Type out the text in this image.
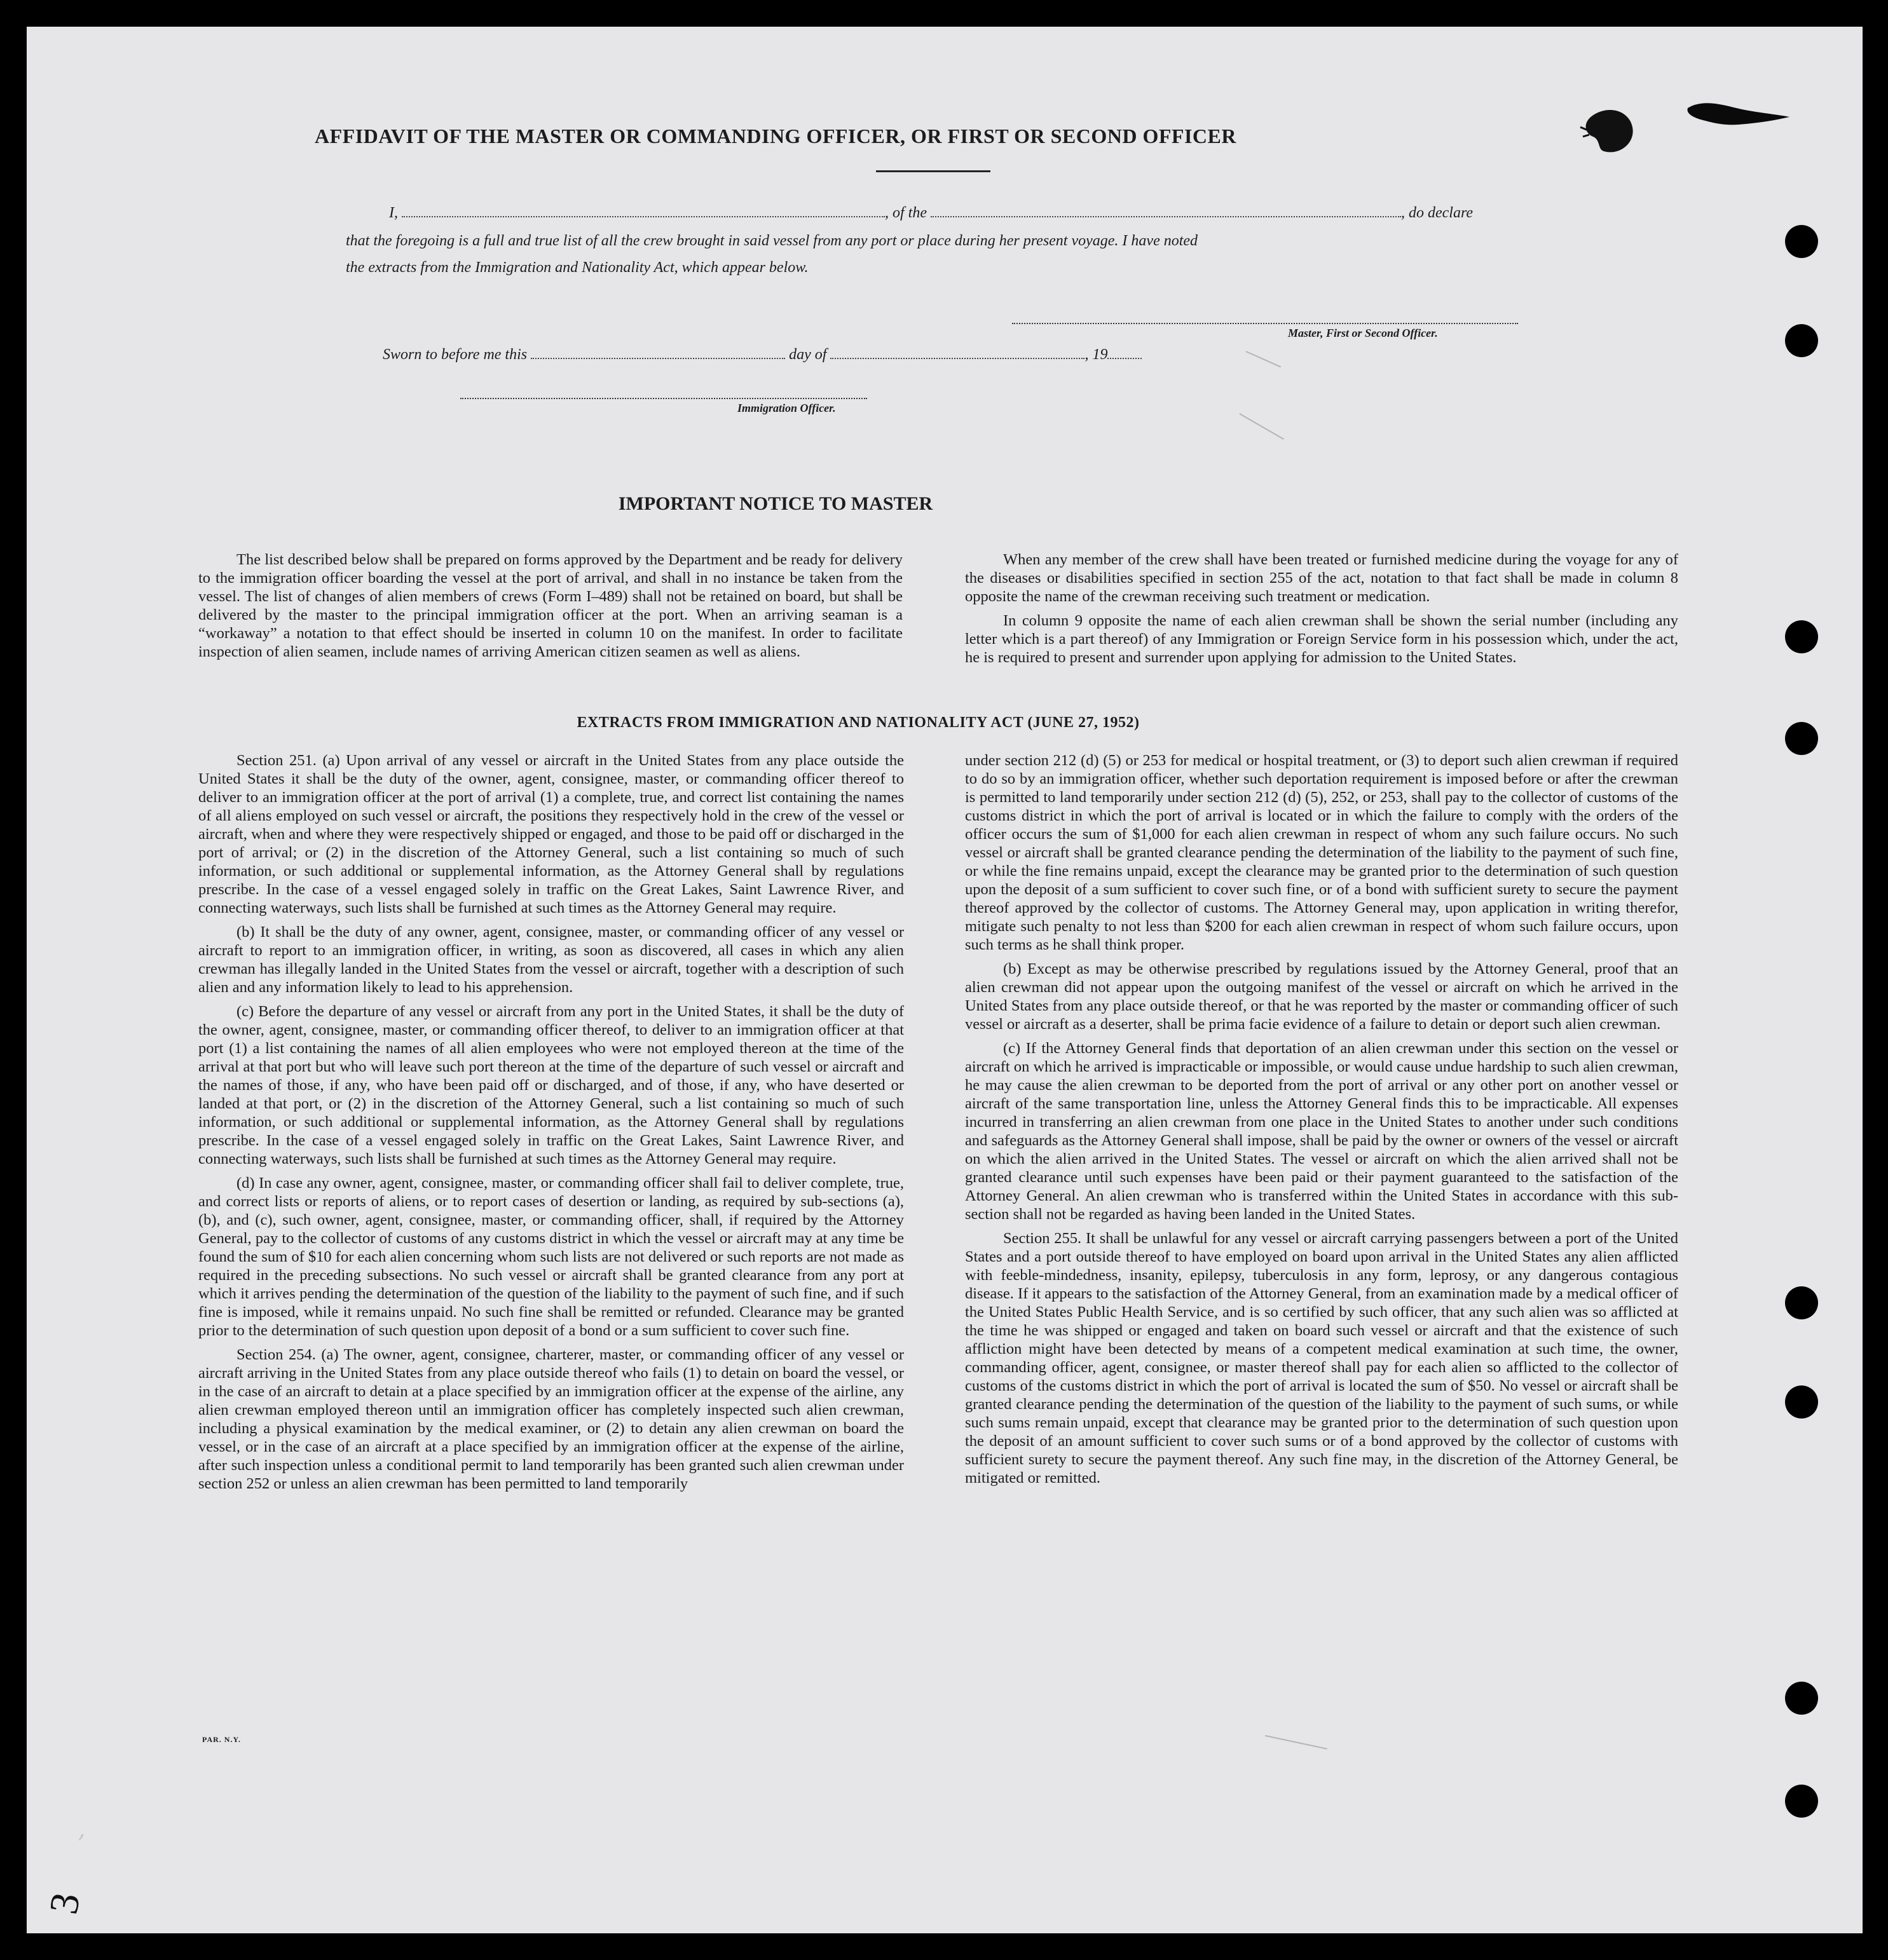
AFFIDAVIT OF THE MASTER OR COMMANDING OFFICER, OR FIRST OR SECOND OFFICER
I,	, of the	, do declare
that the foregoing is a full and true list of all the crew brought in said vessel from any port or place during her present voyage. I have noted
the extracts from the Immigration and Nationality Act, which appear below.
Master, First or Second Officer.
Sworn to before me this	day of	, 19
Immigration Officer.
IMPORTANT NOTICE TO MASTER

The list described below shall be prepared on forms approved by the Department and be ready for delivery to the immigration officer boarding the vessel at the port of arrival, and shall in no instance be taken from the vessel. The list of changes of alien members of crews (Form I–489) shall not be retained on board, but shall be delivered by the master to the principal immigration officer at the port. When an arriving seaman is a “workaway” a notation to that effect should be inserted in column 10 on the manifest. In order to facilitate inspection of alien seamen, include names of arriving American citizen seamen as well as aliens.

When any member of the crew shall have been treated or furnished medicine during the voyage for any of the diseases or disabilities specified in section 255 of the act, notation to that fact shall be made in column 8 opposite the name of the crewman receiving such treatment or medication.

In column 9 opposite the name of each alien crewman shall be shown the serial number (including any letter which is a part thereof) of any Immigration or Foreign Service form in his possession which, under the act, he is required to present and surrender upon applying for admission to the United States.

EXTRACTS FROM IMMIGRATION AND NATIONALITY ACT (JUNE 27, 1952)

Section 251. (a) Upon arrival of any vessel or aircraft in the United States from any place outside the United States it shall be the duty of the owner, agent, consignee, master, or commanding officer thereof to deliver to an immigration officer at the port of arrival (1) a complete, true, and correct list containing the names of all aliens employed on such vessel or aircraft, the positions they respectively hold in the crew of the vessel or aircraft, when and where they were respectively shipped or engaged, and those to be paid off or discharged in the port of arrival; or (2) in the discretion of the Attorney General, such a list containing so much of such information, or such additional or supplemental information, as the Attorney General shall by regulations prescribe. In the case of a vessel engaged solely in traffic on the Great Lakes, Saint Lawrence River, and connecting waterways, such lists shall be furnished at such times as the Attorney General may require.

(b) It shall be the duty of any owner, agent, consignee, master, or commanding officer of any vessel or aircraft to report to an immigration officer, in writing, as soon as discovered, all cases in which any alien crewman has illegally landed in the United States from the vessel or aircraft, together with a description of such alien and any information likely to lead to his apprehension.

(c) Before the departure of any vessel or aircraft from any port in the United States, it shall be the duty of the owner, agent, consignee, master, or commanding officer thereof, to deliver to an immigration officer at that port (1) a list containing the names of all alien employees who were not employed thereon at the time of the arrival at that port but who will leave such port thereon at the time of the departure of such vessel or aircraft and the names of those, if any, who have been paid off or discharged, and of those, if any, who have deserted or landed at that port, or (2) in the discretion of the Attorney General, such a list containing so much of such information, or such additional or supplemental information, as the Attorney General shall by regulations prescribe. In the case of a vessel engaged solely in traffic on the Great Lakes, Saint Lawrence River, and connecting waterways, such lists shall be furnished at such times as the Attorney General may require.

(d) In case any owner, agent, consignee, master, or commanding officer shall fail to deliver complete, true, and correct lists or reports of aliens, or to report cases of desertion or landing, as required by sub-sections (a), (b), and (c), such owner, agent, consignee, master, or commanding officer, shall, if required by the Attorney General, pay to the collector of customs of any customs district in which the vessel or aircraft may at any time be found the sum of $10 for each alien concerning whom such lists are not delivered or such reports are not made as required in the preceding subsections. No such vessel or aircraft shall be granted clearance from any port at which it arrives pending the determination of the question of the liability to the payment of such fine, and if such fine is imposed, while it remains unpaid. No such fine shall be remitted or refunded. Clearance may be granted prior to the determination of such question upon deposit of a bond or a sum sufficient to cover such fine.

Section 254. (a) The owner, agent, consignee, charterer, master, or commanding officer of any vessel or aircraft arriving in the United States from any place outside thereof who fails (1) to detain on board the vessel, or in the case of an aircraft to detain at a place specified by an immigration officer at the expense of the airline, any alien crewman employed thereon until an immigration officer has completely inspected such alien crewman, including a physical examination by the medical examiner, or (2) to detain any alien crewman on board the vessel, or in the case of an aircraft at a place specified by an immigration officer at the expense of the airline, after such inspection unless a conditional permit to land temporarily has been granted such alien crewman under section 252 or unless an alien crewman has been permitted to land temporarily

under section 212 (d) (5) or 253 for medical or hospital treatment, or (3) to deport such alien crewman if required to do so by an immigration officer, whether such deportation requirement is imposed before or after the crewman is permitted to land temporarily under section 212 (d) (5), 252, or 253, shall pay to the collector of customs of the customs district in which the port of arrival is located or in which the failure to comply with the orders of the officer occurs the sum of $1,000 for each alien crewman in respect of whom any such failure occurs. No such vessel or aircraft shall be granted clearance pending the determination of the liability to the payment of such fine, or while the fine remains unpaid, except the clearance may be granted prior to the determination of such question upon the deposit of a sum sufficient to cover such fine, or of a bond with sufficient surety to secure the payment thereof approved by the collector of customs. The Attorney General may, upon application in writing therefor, mitigate such penalty to not less than $200 for each alien crewman in respect of whom such failure occurs, upon such terms as he shall think proper.

(b) Except as may be otherwise prescribed by regulations issued by the Attorney General, proof that an alien crewman did not appear upon the outgoing manifest of the vessel or aircraft on which he arrived in the United States from any place outside thereof, or that he was reported by the master or commanding officer of such vessel or aircraft as a deserter, shall be prima facie evidence of a failure to detain or deport such alien crewman.

(c) If the Attorney General finds that deportation of an alien crewman under this section on the vessel or aircraft on which he arrived is impracticable or impossible, or would cause undue hardship to such alien crewman, he may cause the alien crewman to be deported from the port of arrival or any other port on another vessel or aircraft of the same transportation line, unless the Attorney General finds this to be impracticable. All expenses incurred in transferring an alien crewman from one place in the United States to another under such conditions and safeguards as the Attorney General shall impose, shall be paid by the owner or owners of the vessel or aircraft on which the alien arrived in the United States. The vessel or aircraft on which the alien arrived shall not be granted clearance until such expenses have been paid or their payment guaranteed to the satisfaction of the Attorney General. An alien crewman who is transferred within the United States in accordance with this sub-section shall not be regarded as having been landed in the United States.

Section 255. It shall be unlawful for any vessel or aircraft carrying passengers between a port of the United States and a port outside thereof to have employed on board upon arrival in the United States any alien afflicted with feeble-mindedness, insanity, epilepsy, tuberculosis in any form, leprosy, or any dangerous contagious disease. If it appears to the satisfaction of the Attorney General, from an examination made by a medical officer of the United States Public Health Service, and is so certified by such officer, that any such alien was so afflicted at the time he was shipped or engaged and taken on board such vessel or aircraft and that the existence of such affliction might have been detected by means of a competent medical examination at such time, the owner, commanding officer, agent, consignee, or master thereof shall pay for each alien so afflicted to the collector of customs of the customs district in which the port of arrival is located the sum of $50. No vessel or aircraft shall be granted clearance pending the determination of the question of the liability to the payment of such sums, or while such sums remain unpaid, except that clearance may be granted prior to the determination of such question upon the deposit of an amount sufficient to cover such sums or of a bond approved by the collector of customs with sufficient surety to secure the payment thereof. Any such fine may, in the discretion of the Attorney General, be mitigated or remitted.

PAR. N.Y.
ʼ
3
